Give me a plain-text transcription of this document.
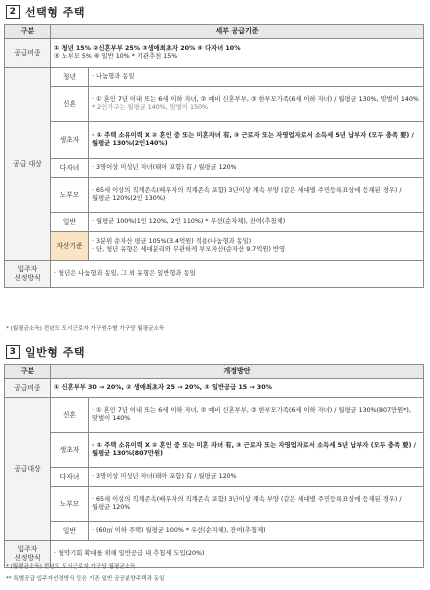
2 선택형 주택
구분	세부 공급기준	
공급비중	① 청년 15% ②신혼부부 25% ③생애최초자 20% ④ 다자녀 10%
⑤ 노부모 5% ⑥ 일반 10% * 기관추천 15%	

공급 대상	청년	· 나눔형과 동일
	신혼	· ① 혼인 7년 이내 또는 6세 이하 자녀, ② 예비 신혼부부, ③ 한부모가족(6세 이하 자녀) / 월평균 130%, 맞벌이 140%
* 2인가구는 월평균 140%, 맞벌이 150%

	생초자	· ① 주택 소유이력 X ② 혼인 중 또는 미혼자녀 有, ③ 근로자 또는 자영업자로서 소득세 5년 납부자 (모두 충족 要) / 월평균 130%(2인140%)
	다자녀	· 3명이상 미성년 자녀(태아 포함) 有 / 월평균 120%
	노부모	· 65세 이상의 직계존속(배우자의 직계존속 포함) 3년이상 계속 부양 (같은 세대별 주민등록표상에 등재된 경우) / 월평균 120%(2인 130%)
	일반	· 월평균 100%(1인 120%, 2인 110%) * 우선(순자체), 잔여(추첨제)
	자산기준	· 3분위 순자산 평균 105%(3.4억원) 적용(나눔형과 동일)
· 단, 청년 유형은 세대분리와 무관하게 부모자산(순자산 9.7억원) 반영

입주자 선정방식	· 청년은 나눔형과 동일, 그 외 유형은 일반형과 동일	
* (월평균소득) 전년도 도시근로자 가구원수별 가구당 월평균소득
3 일반형 주택
구분	개정방안	
공급비중	① 신혼부부 30 → 20%, ② 생애최초자 25 → 20%, ③ 일반공급 15 → 30%	
공급대상	신혼	· ① 혼인 7년 이내 또는 6세 이하 자녀, ② 예비 신혼부부, ③ 한부모가족(6세 이하 자녀) / 월평균 130%(807만원*), 맞벌이 140%
	생초자	· ① 주택 소유이력 X ② 혼인 중 또는 미혼 자녀 有, ③ 근로자 또는 자영업자로서 소득세 5년 납부자 (모두 충족 要) / 월평균 130%(807만원)
	다자녀	· 3명이상 미성년 자녀(태아 포함) 有 / 월평균 120%
	노부모	· 65세 이상의 직계존속(배우자의 직계존속 포함) 3년이상 계속 부양 (같은 세대별 주민등록표상에 등재된 경우) / 월평균 120%
	일반	· (60㎡ 이하 주택) 월평균 100% * 우선(순자체), 잔여(추첨제)
입주자 선정방식	· 청약기회 확대를 위해 일반공급 내 추첨제 도입(20%)	
* (월평균소득) 전년도 도시근로자 가구당 월평균소득
** 특별공급 입주자선정방식 등은 기존 일반 공공분양주택과 동일
